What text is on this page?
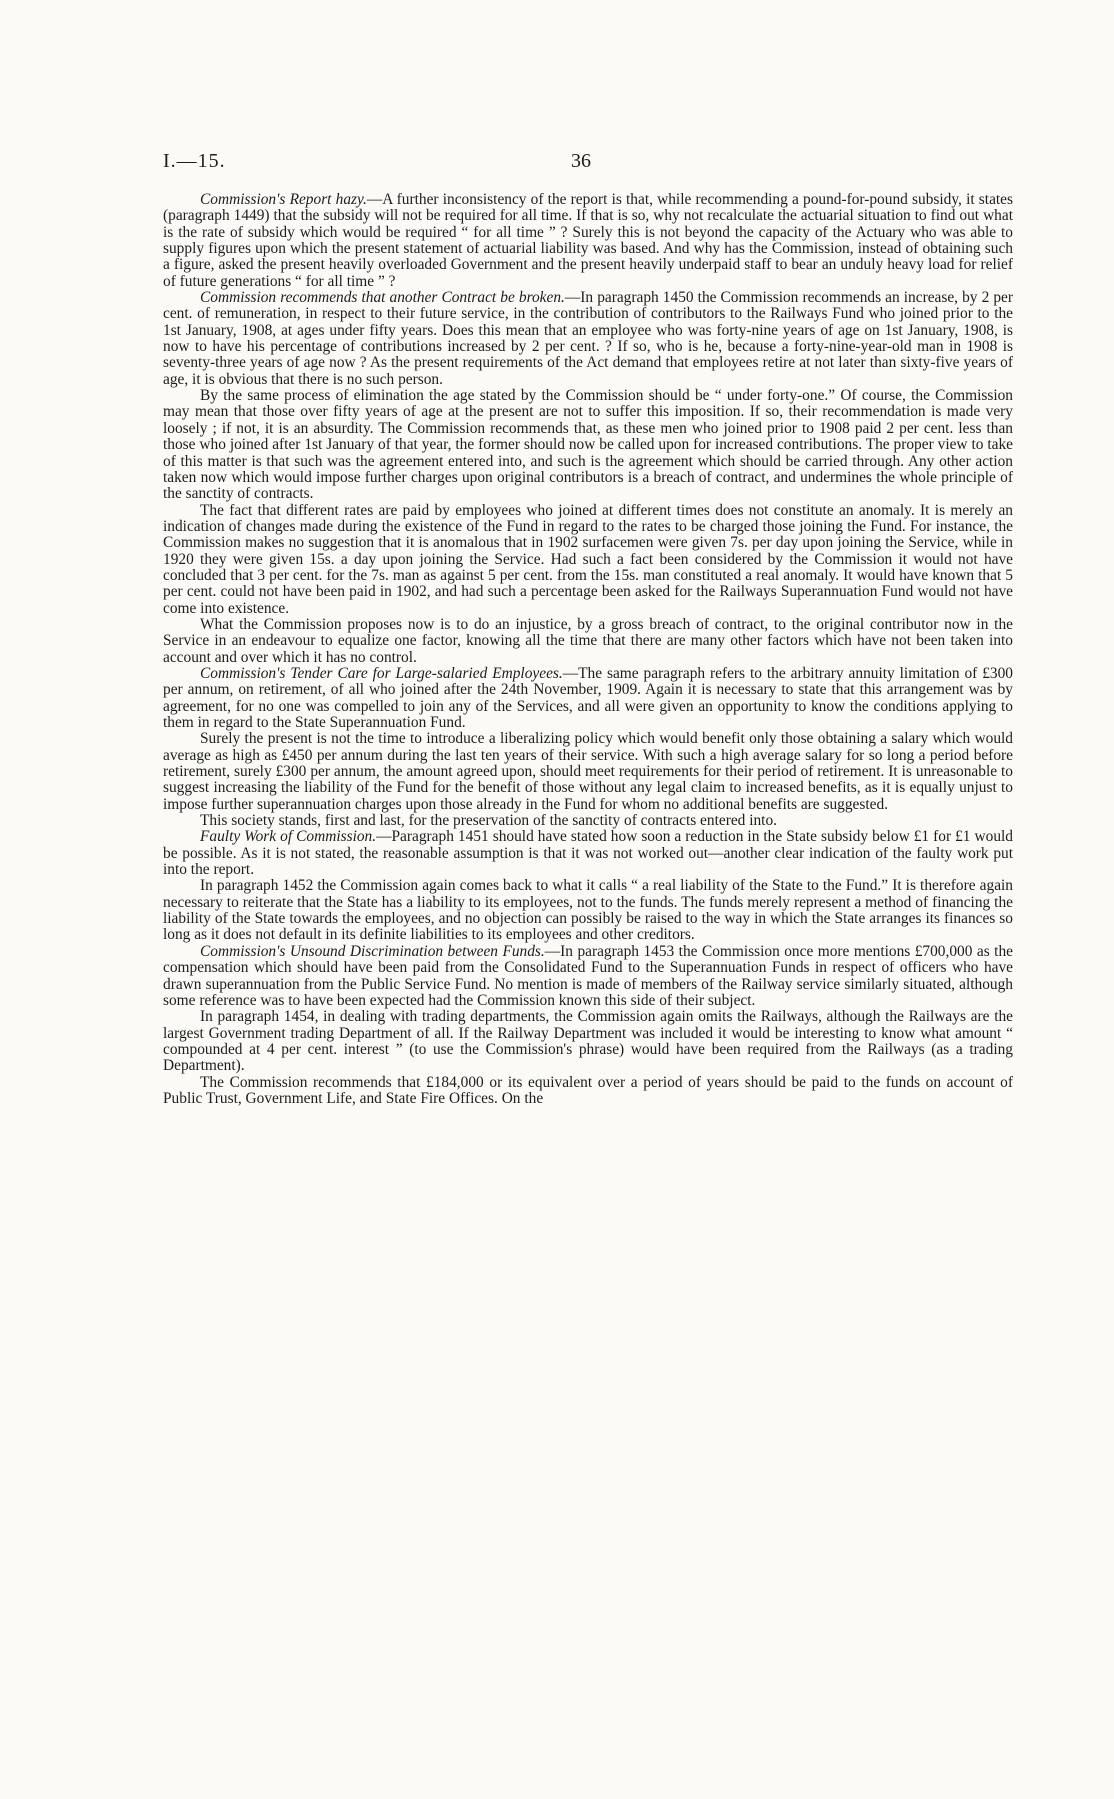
I.—15.	36

Commission's Report hazy.—A further inconsistency of the report is that, while recommending a pound-for-pound subsidy, it states (paragraph 1449) that the subsidy will not be required for all time. If that is so, why not recalculate the actuarial situation to find out what is the rate of subsidy which would be required “ for all time ” ? Surely this is not beyond the capacity of the Actuary who was able to supply figures upon which the present statement of actuarial liability was based. And why has the Commission, instead of obtaining such a figure, asked the present heavily overloaded Government and the present heavily underpaid staff to bear an unduly heavy load for relief of future generations “ for all time ” ?

Commission recommends that another Contract be broken.—In paragraph 1450 the Commission recommends an increase, by 2 per cent. of remuneration, in respect to their future service, in the contribution of contributors to the Railways Fund who joined prior to the 1st January, 1908, at ages under fifty years. Does this mean that an employee who was forty-nine years of age on 1st January, 1908, is now to have his percentage of contributions increased by 2 per cent. ? If so, who is he, because a forty-nine-year-old man in 1908 is seventy-three years of age now ? As the present requirements of the Act demand that employees retire at not later than sixty-five years of age, it is obvious that there is no such person.

By the same process of elimination the age stated by the Commission should be “ under forty-one.” Of course, the Commission may mean that those over fifty years of age at the present are not to suffer this imposition. If so, their recommendation is made very loosely ; if not, it is an absurdity. The Commission recommends that, as these men who joined prior to 1908 paid 2 per cent. less than those who joined after 1st January of that year, the former should now be called upon for increased contributions. The proper view to take of this matter is that such was the agreement entered into, and such is the agreement which should be carried through. Any other action taken now which would impose further charges upon original contributors is a breach of contract, and undermines the whole principle of the sanctity of contracts.

The fact that different rates are paid by employees who joined at different times does not constitute an anomaly. It is merely an indication of changes made during the existence of the Fund in regard to the rates to be charged those joining the Fund. For instance, the Commission makes no suggestion that it is anomalous that in 1902 surfacemen were given 7s. per day upon joining the Service, while in 1920 they were given 15s. a day upon joining the Service. Had such a fact been considered by the Commission it would not have concluded that 3 per cent. for the 7s. man as against 5 per cent. from the 15s. man constituted a real anomaly. It would have known that 5 per cent. could not have been paid in 1902, and had such a percentage been asked for the Railways Superannuation Fund would not have come into existence.

What the Commission proposes now is to do an injustice, by a gross breach of contract, to the original contributor now in the Service in an endeavour to equalize one factor, knowing all the time that there are many other factors which have not been taken into account and over which it has no control.

Commission's Tender Care for Large-salaried Employees.—The same paragraph refers to the arbitrary annuity limitation of £300 per annum, on retirement, of all who joined after the 24th November, 1909. Again it is necessary to state that this arrangement was by agreement, for no one was compelled to join any of the Services, and all were given an opportunity to know the conditions applying to them in regard to the State Superannuation Fund.

Surely the present is not the time to introduce a liberalizing policy which would benefit only those obtaining a salary which would average as high as £450 per annum during the last ten years of their service. With such a high average salary for so long a period before retirement, surely £300 per annum, the amount agreed upon, should meet requirements for their period of retirement. It is unreasonable to suggest increasing the liability of the Fund for the benefit of those without any legal claim to increased benefits, as it is equally unjust to impose further superannuation charges upon those already in the Fund for whom no additional benefits are suggested.

This society stands, first and last, for the preservation of the sanctity of contracts entered into.

Faulty Work of Commission.—Paragraph 1451 should have stated how soon a reduction in the State subsidy below £1 for £1 would be possible. As it is not stated, the reasonable assumption is that it was not worked out—another clear indication of the faulty work put into the report.

In paragraph 1452 the Commission again comes back to what it calls “ a real liability of the State to the Fund.” It is therefore again necessary to reiterate that the State has a liability to its employees, not to the funds. The funds merely represent a method of financing the liability of the State towards the employees, and no objection can possibly be raised to the way in which the State arranges its finances so long as it does not default in its definite liabilities to its employees and other creditors.

Commission's Unsound Discrimination between Funds.—In paragraph 1453 the Commission once more mentions £700,000 as the compensation which should have been paid from the Consolidated Fund to the Superannuation Funds in respect of officers who have drawn superannuation from the Public Service Fund. No mention is made of members of the Railway service similarly situated, although some reference was to have been expected had the Commission known this side of their subject.

In paragraph 1454, in dealing with trading departments, the Commission again omits the Railways, although the Railways are the largest Government trading Department of all. If the Railway Department was included it would be interesting to know what amount “ compounded at 4 per cent. interest ” (to use the Commission's phrase) would have been required from the Railways (as a trading Department).

The Commission recommends that £184,000 or its equivalent over a period of years should be paid to the funds on account of Public Trust, Government Life, and State Fire Offices. On the
